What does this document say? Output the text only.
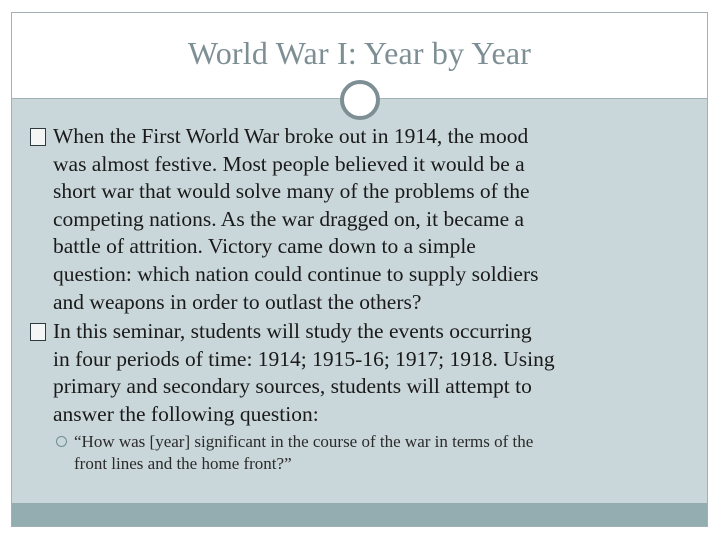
World War I: Year by Year
When the First World War broke out in 1914, the mood
was almost festive. Most people believed it would be a
short war that would solve many of the problems of the
competing nations. As the war dragged on, it became a
battle of attrition. Victory came down to a simple
question: which nation could continue to supply soldiers
and weapons in order to outlast the others?
In this seminar, students will study the events occurring
in four periods of time: 1914; 1915-16; 1917; 1918. Using
primary and secondary sources, students will attempt to
answer the following question:
“How was [year] significant in the course of the war in terms of the
front lines and the home front?”
